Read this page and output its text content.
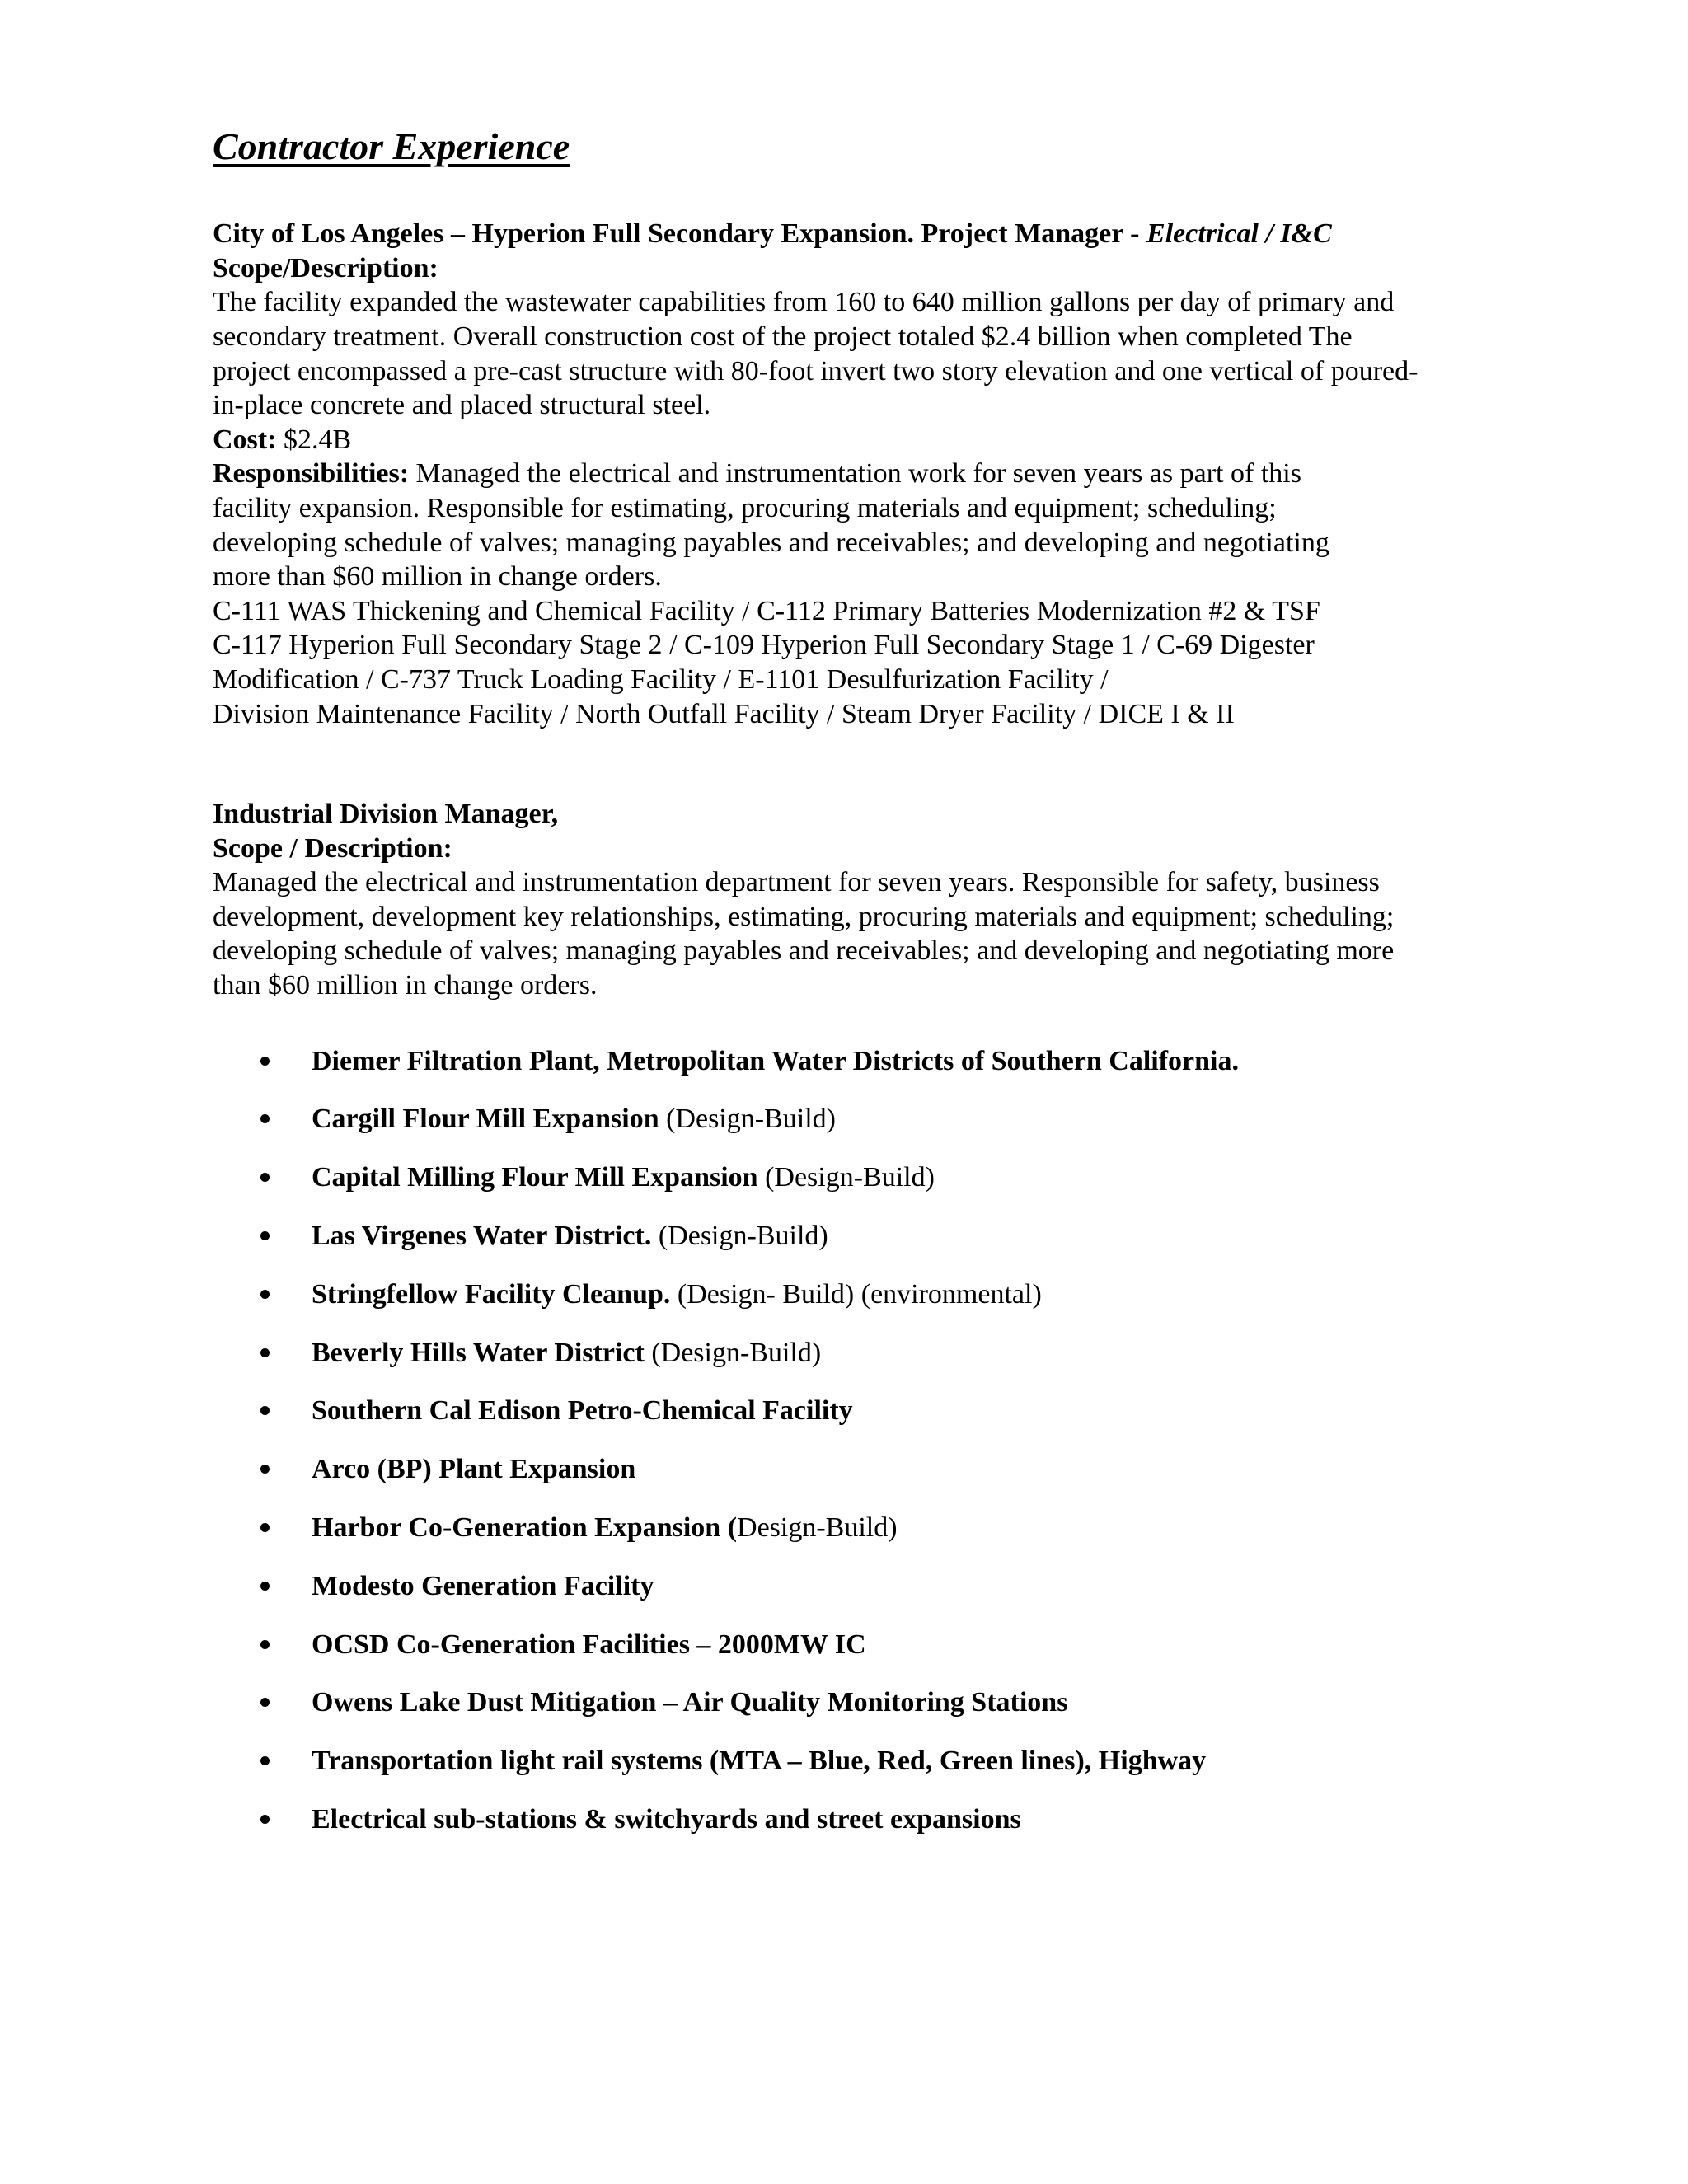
Contractor Experience
City of Los Angeles – Hyperion Full Secondary Expansion. Project Manager - Electrical / I&C
Scope/Description:
The facility expanded the wastewater capabilities from 160 to 640 million gallons per day of primary and
secondary treatment. Overall construction cost of the project totaled $2.4 billion when completed The
project encompassed a pre-cast structure with 80-foot invert two story elevation and one vertical of poured-
in-place concrete and placed structural steel.
Cost: $2.4B
Responsibilities: Managed the electrical and instrumentation work for seven years as part of this
facility expansion. Responsible for estimating, procuring materials and equipment; scheduling;
developing schedule of valves; managing payables and receivables; and developing and negotiating
more than $60 million in change orders.
C-111 WAS Thickening and Chemical Facility / C-112 Primary Batteries Modernization #2 & TSF
C-117 Hyperion Full Secondary Stage 2 / C-109 Hyperion Full Secondary Stage 1 / C-69 Digester
Modification / C-737 Truck Loading Facility / E-1101 Desulfurization Facility /
Division Maintenance Facility / North Outfall Facility / Steam Dryer Facility / DICE I & II
Industrial Division Manager,
Scope / Description:
Managed the electrical and instrumentation department for seven years. Responsible for safety, business
development, development key relationships, estimating, procuring materials and equipment; scheduling;
developing schedule of valves; managing payables and receivables; and developing and negotiating more
than $60 million in change orders.
Diemer Filtration Plant, Metropolitan Water Districts of Southern California.
Cargill Flour Mill Expansion (Design-Build)
Capital Milling Flour Mill Expansion (Design-Build)
Las Virgenes Water District. (Design-Build)
Stringfellow Facility Cleanup. (Design- Build) (environmental)
Beverly Hills Water District (Design-Build)
Southern Cal Edison Petro-Chemical Facility
Arco (BP) Plant Expansion
Harbor Co-Generation Expansion (Design-Build)
Modesto Generation Facility
OCSD Co-Generation Facilities – 2000MW IC
Owens Lake Dust Mitigation – Air Quality Monitoring Stations
Transportation light rail systems (MTA – Blue, Red, Green lines), Highway
Electrical sub-stations & switchyards and street expansions
